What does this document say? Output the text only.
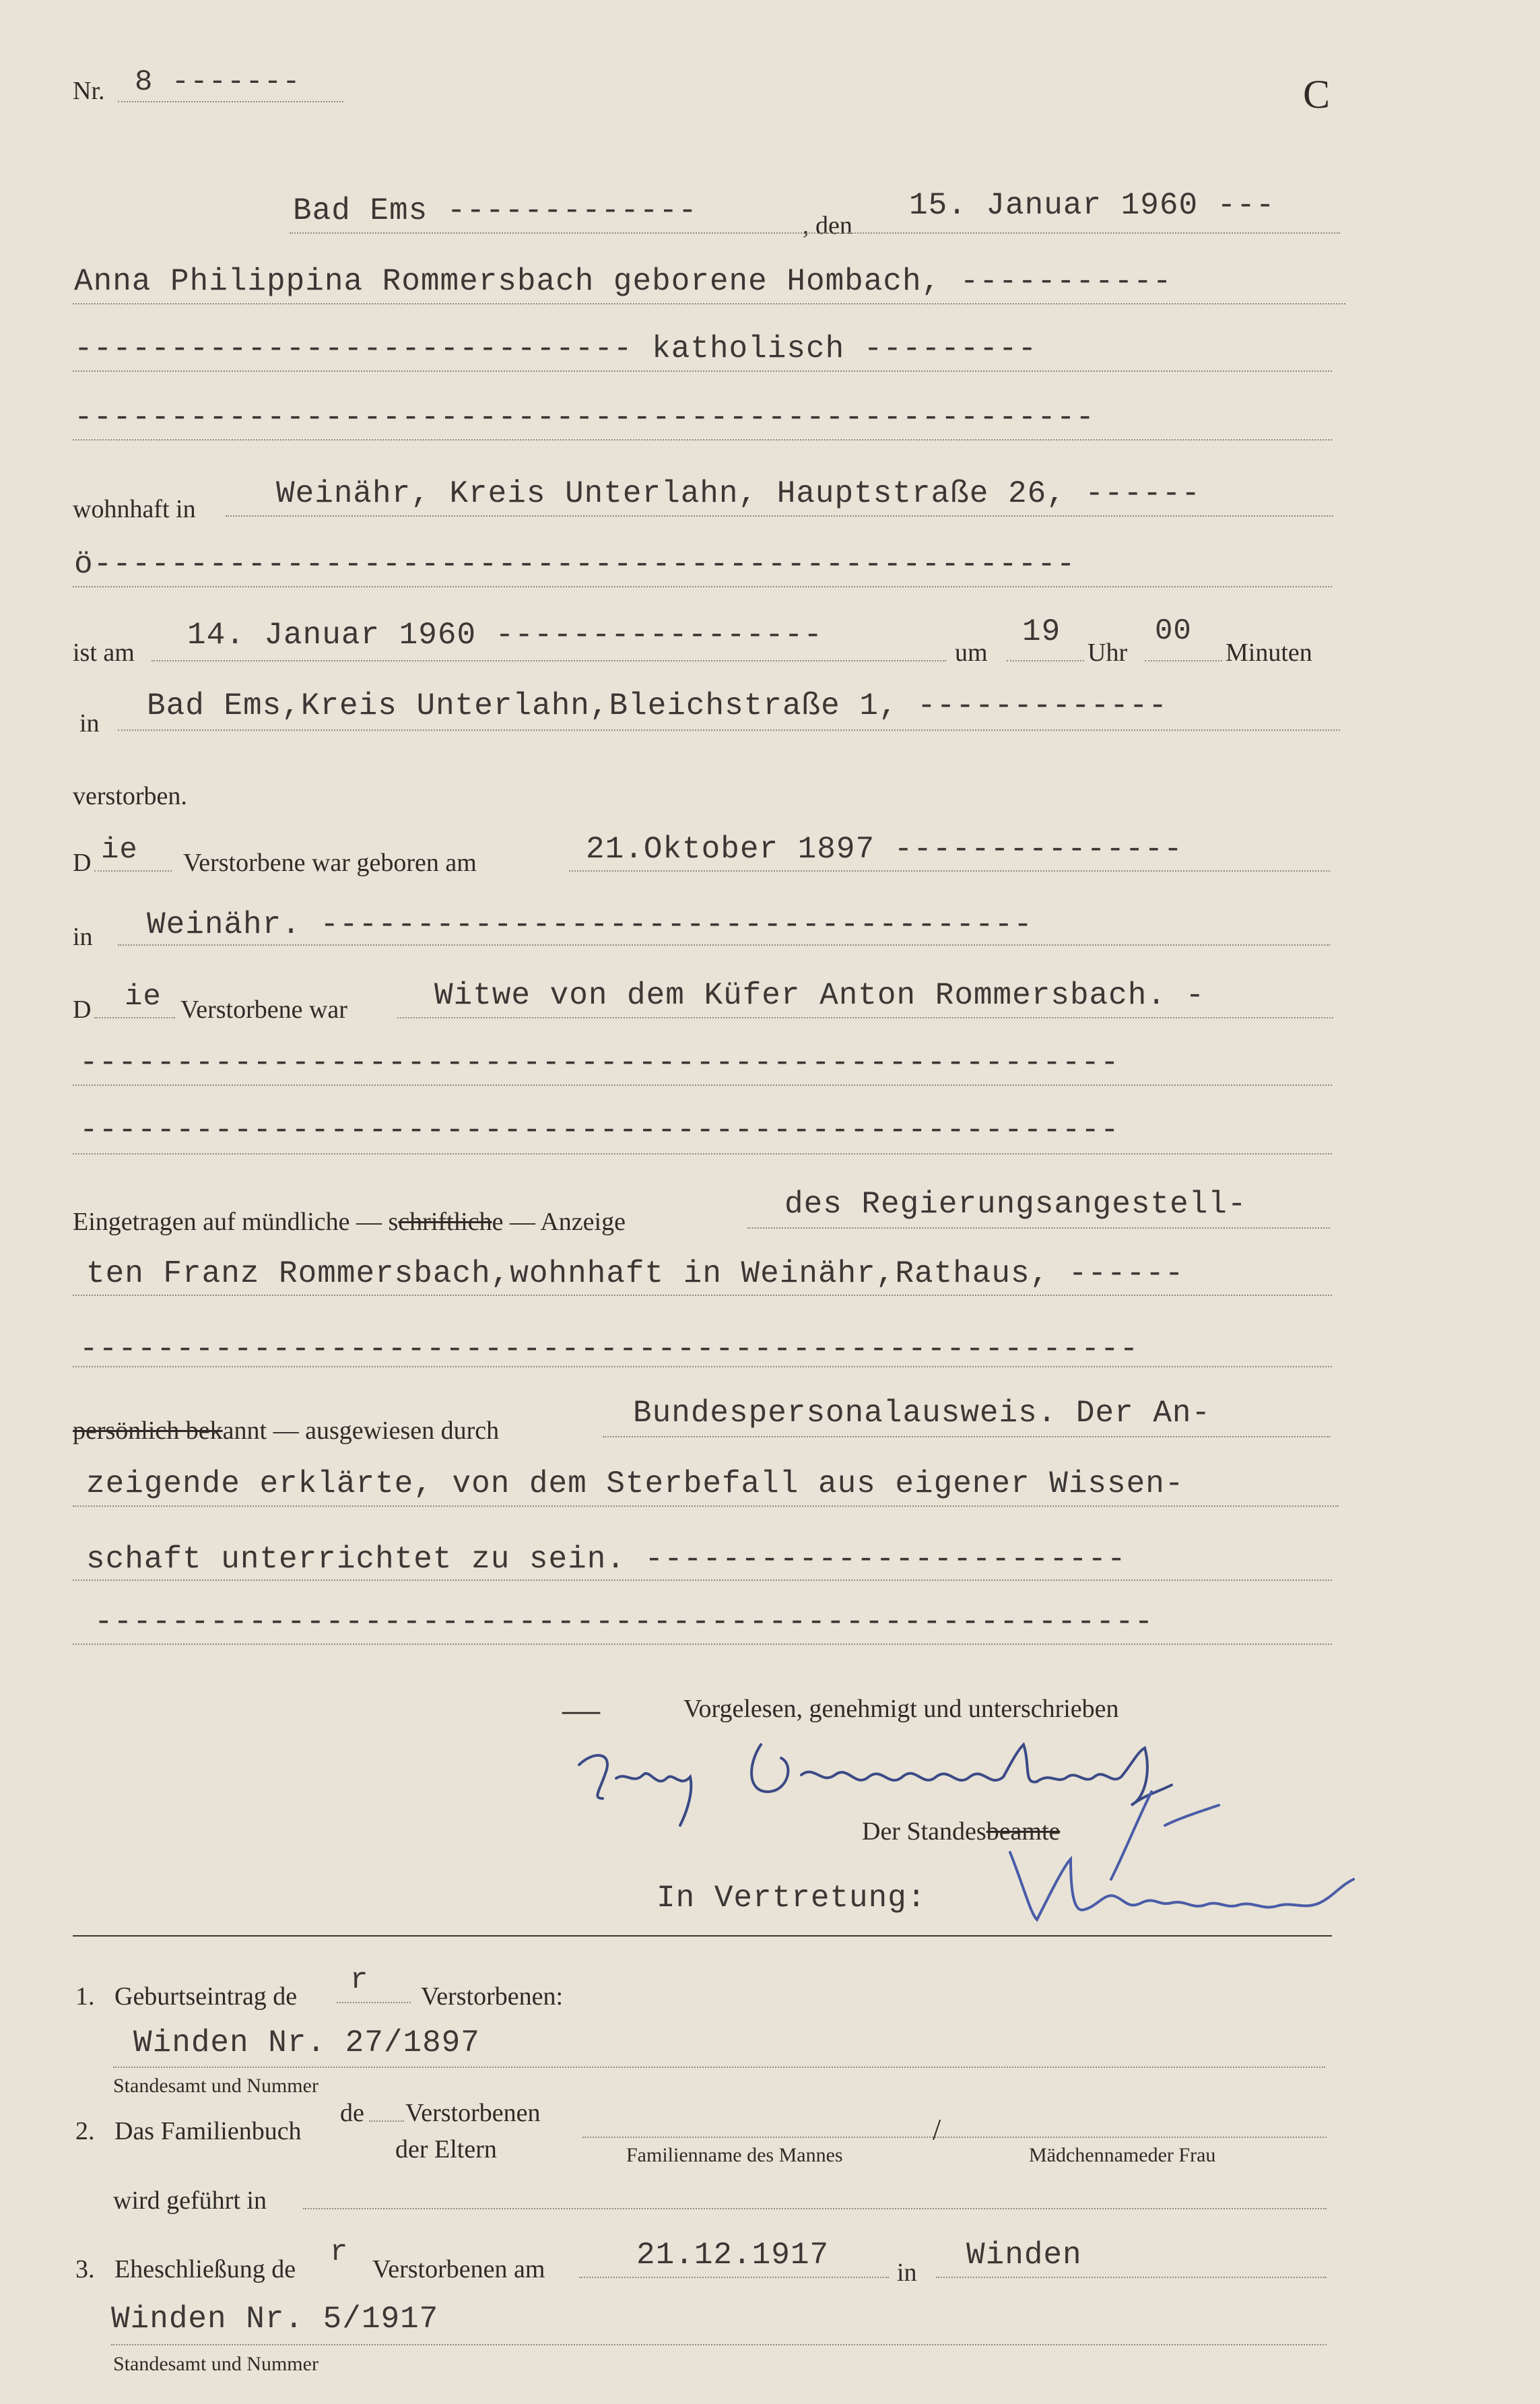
Nr. 8 -------	C
Bad Ems -------------	, den
15. Januar 1960 ---
Anna Philippina Rommersbach geborene Hombach, -----------
----------------------------- katholisch ---------
-----------------------------------------------------
wohnhaft in	Weinähr, Kreis Unterlahn, Hauptstraße 26, ------
ö---------------------------------------------------
ist am 14. Januar 1960 -----------------	um
19
Uhr
00
Minuten
in Bad Ems,Kreis Unterlahn,Bleichstraße 1, -------------
verstorben.
D ie Verstorbene war geboren am	21.Oktober 1897 ---------------
in Weinähr. -------------------------------------
D ie Verstorbene war	Witwe von dem Küfer Anton Rommersbach. -
------------------------------------------------------
------------------------------------------------------
Eingetragen auf mündliche — schriftliche — Anzeige	des Regierungsangestell-
ten Franz Rommersbach,wohnhaft in Weinähr,Rathaus, ------
-------------------------------------------------------
persönlich bekannt — ausgewiesen durch	Bundespersonalausweis. Der An-
zeigende erklärte, von dem Sterbefall aus eigener Wissen-
schaft unterrichtet zu sein. -------------------------
-------------------------------------------------------
—	Vorgelesen, genehmigt und unterschrieben
Der Standesbeamte
In Vertretung:
1. Geburtseintrag de r Verstorbenen:
Winden Nr. 27/1897
Standesamt und Nummer
2. Das Familienbuch
de Verstorbenen
der Eltern
/
Familienname des Mannes	Mädchennameder Frau
wird geführt in
3. Eheschließung de r Verstorbenen am	21.12.1917	in Winden
Winden Nr. 5/1917
Standesamt und Nummer
